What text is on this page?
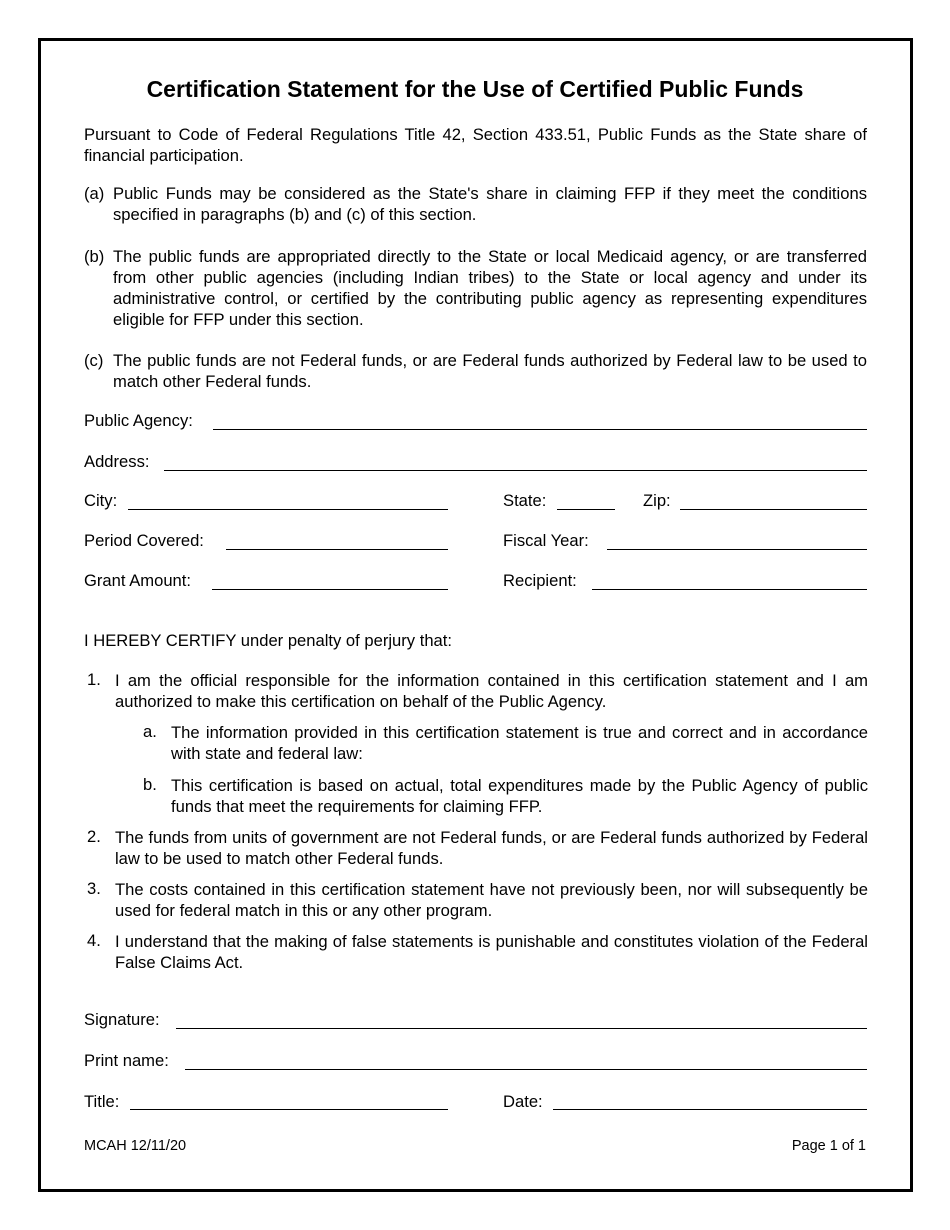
Certification Statement for the Use of Certified Public Funds
Pursuant to Code of Federal Regulations Title 42, Section 433.51, Public Funds as the State share of financial participation.
(a) Public Funds may be considered as the State's share in claiming FFP if they meet the conditions specified in paragraphs (b) and (c) of this section.
(b) The public funds are appropriated directly to the State or local Medicaid agency, or are transferred from other public agencies (including Indian tribes) to the State or local agency and under its administrative control, or certified by the contributing public agency as representing expenditures eligible for FFP under this section.
(c) The public funds are not Federal funds, or are Federal funds authorized by Federal law to be used to match other Federal funds.
Public Agency:
Address:
City:	State:	Zip:
Period Covered:	Fiscal Year:
Grant Amount:	Recipient:
I HEREBY CERTIFY under penalty of perjury that:
1. I am the official responsible for the information contained in this certification statement and I am authorized to make this certification on behalf of the Public Agency.
a. The information provided in this certification statement is true and correct and in accordance with state and federal law:
b. This certification is based on actual, total expenditures made by the Public Agency of public funds that meet the requirements for claiming FFP.
2. The funds from units of government are not Federal funds, or are Federal funds authorized by Federal law to be used to match other Federal funds.
3. The costs contained in this certification statement have not previously been, nor will subsequently be used for federal match in this or any other program.
4. I understand that the making of false statements is punishable and constitutes violation of the Federal False Claims Act.
Signature:
Print name:
Title:	Date:
MCAH 12/11/20	Page 1 of 1
